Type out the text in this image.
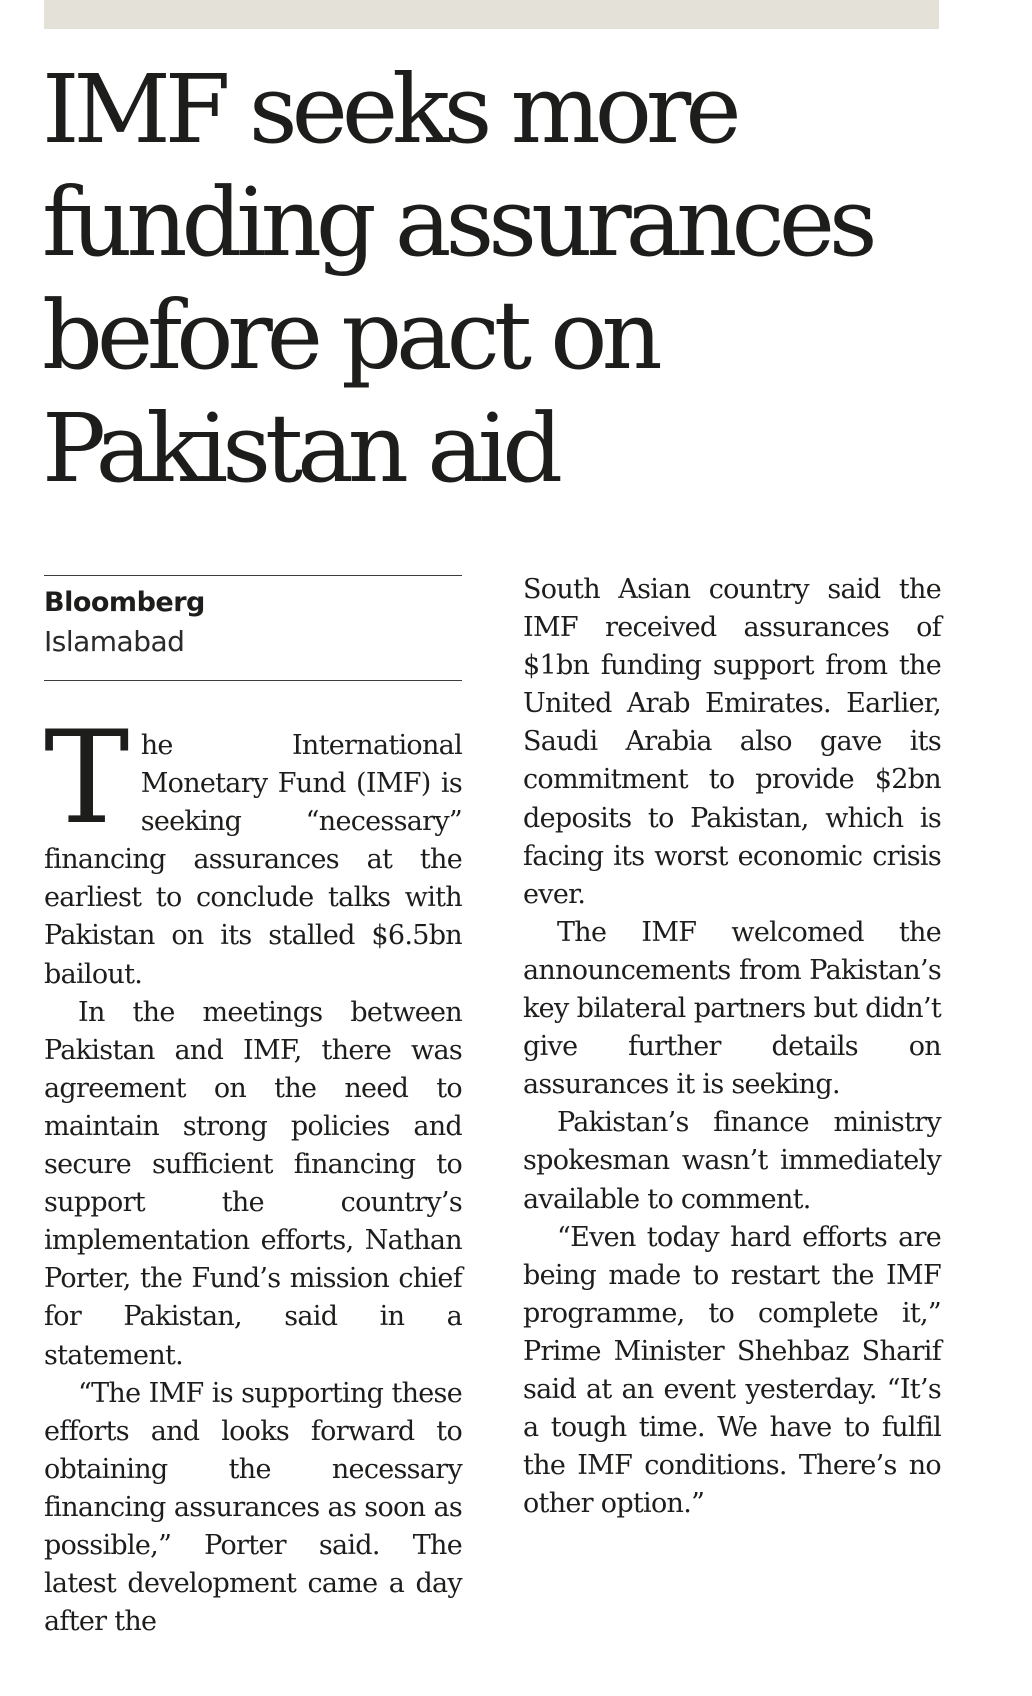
IMF seeks more funding assurances before pact on Pakistan aid
Bloomberg
Islamabad

The International Monetary Fund (IMF) is seeking “necessary” financing assurances at the earliest to conclude talks with Pakistan on its stalled $6.5bn bailout.

In the meetings between Pakistan and IMF, there was agreement on the need to maintain strong policies and secure sufficient financing to support the country’s implementation efforts, Nathan Porter, the Fund’s mission chief for Pakistan, said in a statement.

“The IMF is supporting these efforts and looks forward to obtaining the necessary financing assurances as soon as possible,” Porter said. The latest development came a day after the

South Asian country said the IMF received assurances of $1bn funding support from the United Arab Emirates. Earlier, Saudi Arabia also gave its commitment to provide $2bn deposits to Pakistan, which is facing its worst economic crisis ever.

The IMF welcomed the announcements from Pakistan’s key bilateral partners but didn’t give further details on assurances it is seeking.

Pakistan’s finance ministry spokesman wasn’t immediately available to comment.

“Even today hard efforts are being made to restart the IMF programme, to complete it,” Prime Minister Shehbaz Sharif said at an event yesterday. “It’s a tough time. We have to fulfil the IMF conditions. There’s no other option.”
